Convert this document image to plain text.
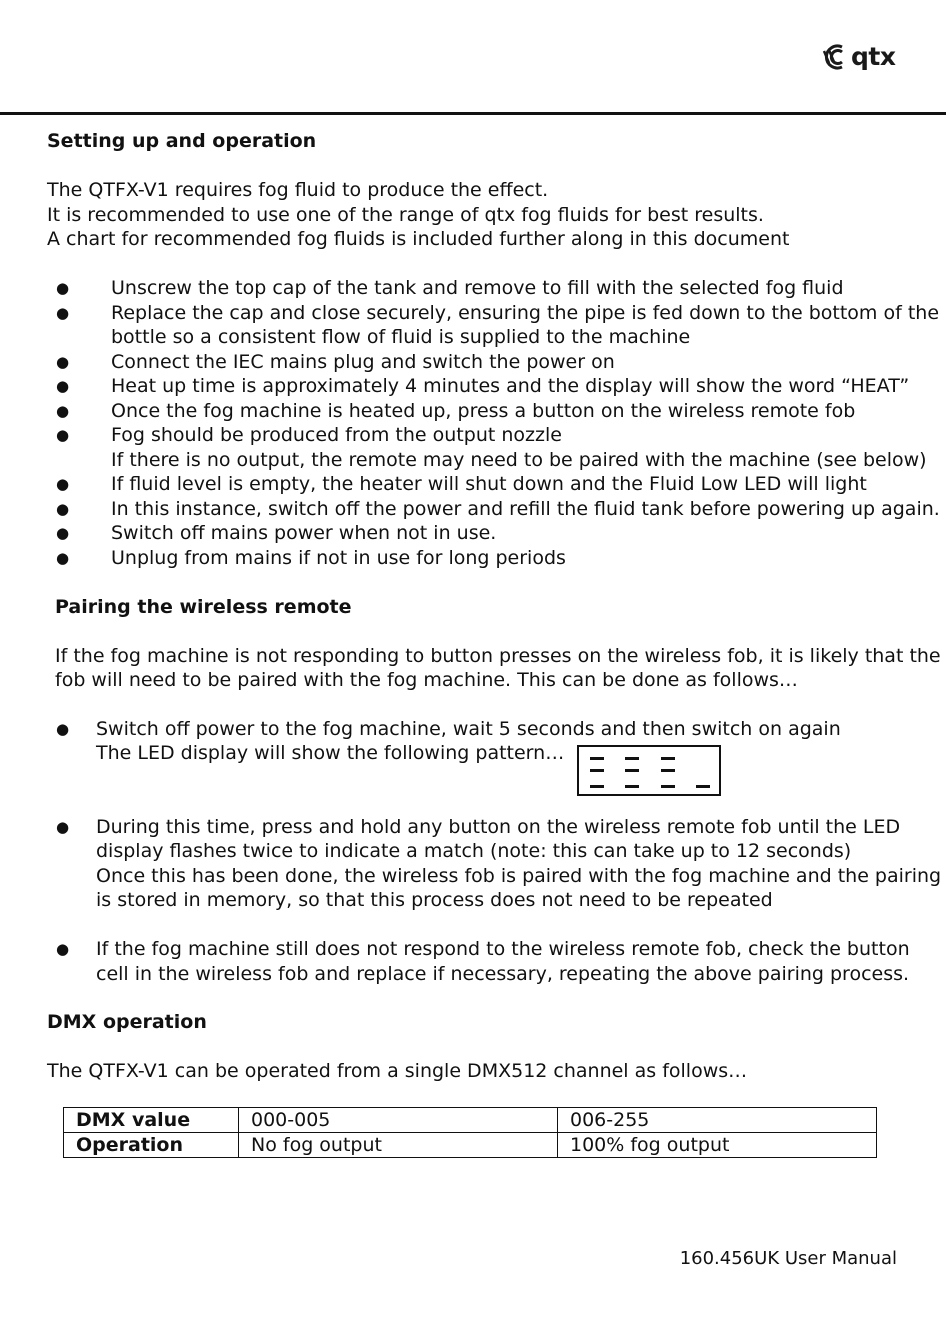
qtx
Setting up and operation
The QTFX-V1 requires fog fluid to produce the effect.
It is recommended to use one of the range of qtx fog fluids for best results.
A chart for recommended fog fluids is included further along in this document
● Unscrew the top cap of the tank and remove to fill with the selected fog fluid
● Replace the cap and close securely, ensuring the pipe is fed down to the bottom of the
bottle so a consistent flow of fluid is supplied to the machine
● Connect the IEC mains plug and switch the power on
● Heat up time is approximately 4 minutes and the display will show the word “HEAT”
● Once the fog machine is heated up, press a button on the wireless remote fob
● Fog should be produced from the output nozzle
If there is no output, the remote may need to be paired with the machine (see below)
● If fluid level is empty, the heater will shut down and the Fluid Low LED will light
● In this instance, switch off the power and refill the fluid tank before powering up again.
● Switch off mains power when not in use.
● Unplug from mains if not in use for long periods
Pairing the wireless remote
If the fog machine is not responding to button presses on the wireless fob, it is likely that the
fob will need to be paired with the fog machine. This can be done as follows…
● Switch off power to the fog machine, wait 5 seconds and then switch on again
The LED display will show the following pattern…
● During this time, press and hold any button on the wireless remote fob until the LED
display flashes twice to indicate a match (note: this can take up to 12 seconds)
Once this has been done, the wireless fob is paired with the fog machine and the pairing
is stored in memory, so that this process does not need to be repeated
● If the fog machine still does not respond to the wireless remote fob, check the button
cell in the wireless fob and replace if necessary, repeating the above pairing process.
DMX operation
The QTFX-V1 can be operated from a single DMX512 channel as follows…
DMX value	000-005	006-255
Operation	No fog output	100% fog output
160.456UK User Manual
